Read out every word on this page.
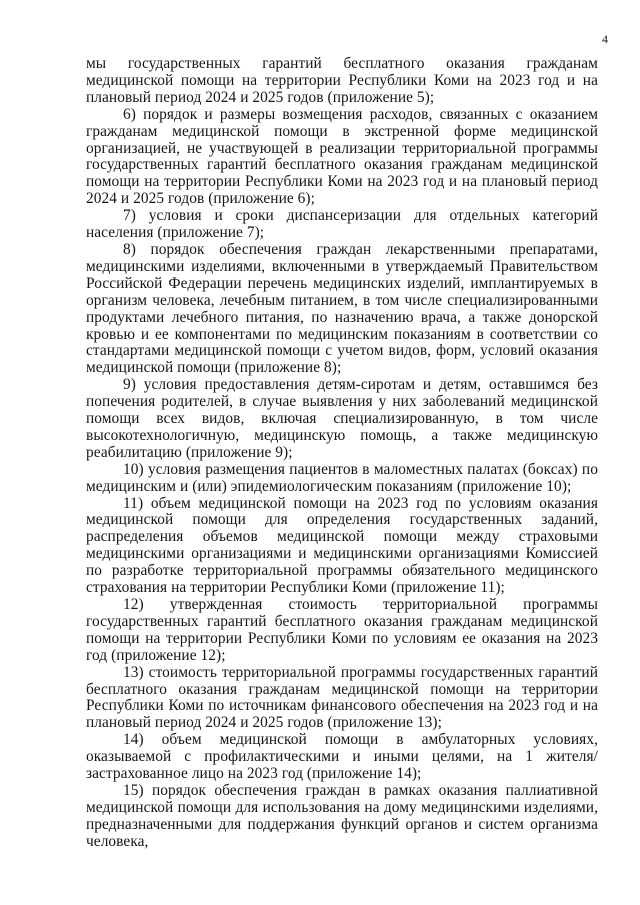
4

мы государственных гарантий бесплатного оказания гражданам медицинской помощи на территории Республики Коми на 2023 год и на плановый период 2024 и 2025 годов (приложение 5);

6) порядок и размеры возмещения расходов, связанных с оказанием гражданам медицинской помощи в экстренной форме медицинской организацией, не участвующей в реализации территориальной программы государственных гарантий бесплатного оказания гражданам медицинской помощи на территории Республики Коми на 2023 год и на плановый период 2024 и 2025 годов (приложение 6);

7) условия и сроки диспансеризации для отдельных категорий населения (приложение 7);

8) порядок обеспечения граждан лекарственными препаратами, медицинскими изделиями, включенными в утверждаемый Правительством Российской Федерации перечень медицинских изделий, имплантируемых в организм человека, лечебным питанием, в том числе специализированными продуктами лечебного питания, по назначению врача, а также донорской кровью и ее компонентами по медицинским показаниям в соответствии со стандартами медицинской помощи с учетом видов, форм, условий оказания медицинской помощи (приложение 8);

9) условия предоставления детям-сиротам и детям, оставшимся без попечения родителей, в случае выявления у них заболеваний медицинской помощи всех видов, включая специализированную, в том числе высокотехнологичную, медицинскую помощь, а также медицинскую реабилитацию (приложение 9);

10) условия размещения пациентов в маломестных палатах (боксах) по медицинским и (или) эпидемиологическим показаниям (приложение 10);

11) объем медицинской помощи на 2023 год по условиям оказания медицинской помощи для определения государственных заданий, распределения объемов медицинской помощи между страховыми медицинскими организациями и медицинскими организациями Комиссией по разработке территориальной программы обязательного медицинского страхования на территории Республики Коми (приложение 11);

12) утвержденная стоимость территориальной программы государственных гарантий бесплатного оказания гражданам медицинской помощи на территории Республики Коми по условиям ее оказания на 2023 год (приложение 12);

13) стоимость территориальной программы государственных гарантий бесплатного оказания гражданам медицинской помощи на территории Республики Коми по источникам финансового обеспечения на 2023 год и на плановый период 2024 и 2025 годов (приложение 13);

14) объем медицинской помощи в амбулаторных условиях, оказываемой с профилактическими и иными целями, на 1 жителя/застрахованное лицо на 2023 год (приложение 14);

15) порядок обеспечения граждан в рамках оказания паллиативной медицинской помощи для использования на дому медицинскими изделиями, предназначенными для поддержания функций органов и систем организма человека,
